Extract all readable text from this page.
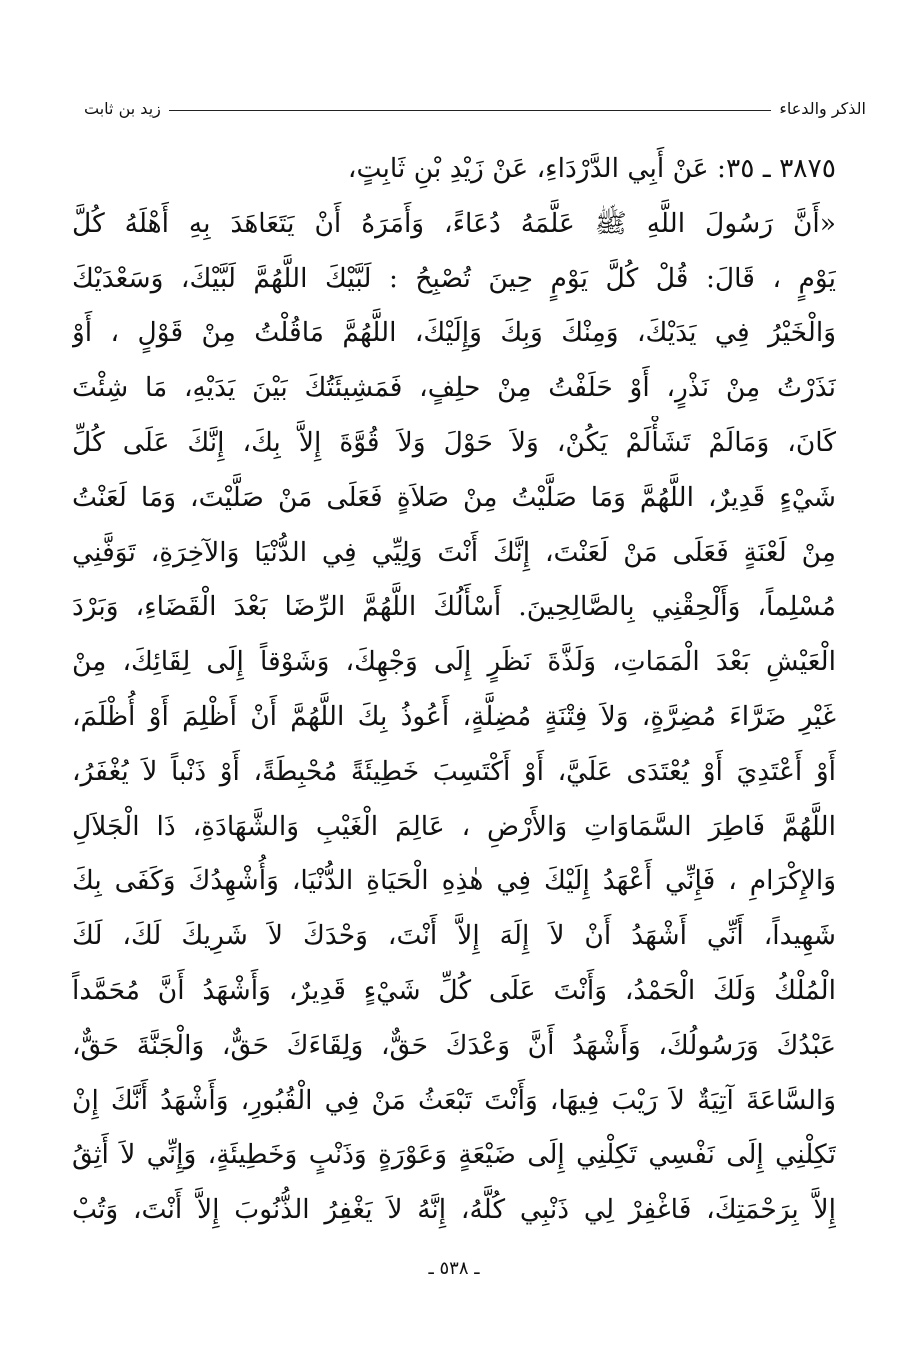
الذكر والدعاء
زيد بن ثابت
٣٨٧٥ ـ ٣٥: عَنْ أَبِي الدَّرْدَاءِ، عَنْ زَيْدِ بْنِ ثَابِتٍ،
«أَنَّ رَسُولَ اللَّهِ ﷺ عَلَّمَهُ دُعَاءً، وَأَمَرَهُ أَنْ يَتَعَاهَدَ بِهِ أَهْلَهُ كُلَّ
يَوْمٍ ، قَالَ: قُلْ كُلَّ يَوْمٍ حِينَ تُصْبِحُ : لَبَّيْكَ اللَّهُمَّ لَبَّيْكَ، وَسَعْدَيْكَ
وَالْخَيْرُ فِي يَدَيْكَ، وَمِنْكَ وَبِكَ وَإِلَيْكَ، اللَّهُمَّ مَاقُلْتُ مِنْ قَوْلٍ ، أَوْ
نَذَرْتُ مِنْ نَذْرٍ، أَوْ حَلَفْتُ مِنْ حلِفٍ، فَمَشِيئَتُكَ بَيْنَ يَدَيْهِ، مَا شِئْتَ
كَانَ، وَمَالَمْ تَشَأْلَمْ يَكُنْ، وَلاَ حَوْلَ وَلاَ قُوَّةَ إِلاَّ بِكَ، إِنَّكَ عَلَى كُلِّ
شَيْءٍ قَدِيرٌ، اللَّهُمَّ وَمَا صَلَّيْتُ مِنْ صَلاَةٍ فَعَلَى مَنْ صَلَّيْتَ، وَمَا لَعَنْتُ
مِنْ لَعْنَةٍ فَعَلَى مَنْ لَعَنْتَ، إِنَّكَ أَنْتَ وَلِيِّي فِي الدُّنْيَا وَالآخِرَةِ، تَوَفَّنِي
مُسْلِماً، وَأَلْحِقْنِي بِالصَّالِحِينَ. أَسْأَلُكَ اللَّهُمَّ الرِّضَا بَعْدَ الْقَضَاءِ، وَبَرْدَ
الْعَيْشِ بَعْدَ الْمَمَاتِ، وَلَذَّةَ نَظَرٍ إِلَى وَجْهِكَ، وَشَوْقاً إِلَى لِقَائِكَ، مِنْ
غَيْرِ ضَرَّاءَ مُضِرَّةٍ، وَلاَ فِتْنَةٍ مُضِلَّةٍ، أَعُوذُ بِكَ اللَّهُمَّ أَنْ أَظْلِمَ أَوْ أُظْلَمَ،
أَوْ أَعْتَدِيَ أَوْ يُعْتَدَى عَلَيَّ، أَوْ أَكْتَسِبَ خَطِيئَةً مُحْبِطَةً، أَوْ ذَنْباً لاَ يُغْفَرُ،
اللَّهُمَّ فَاطِرَ السَّمَاوَاتِ وَالأَرْضِ ، عَالِمَ الْغَيْبِ وَالشَّهَادَةِ، ذَا الْجَلاَلِ
وَالإِكْرَامِ ، فَإِنِّي أَعْهَدُ إِلَيْكَ فِي هٰذِهِ الْحَيَاةِ الدُّنْيَا، وَأُشْهِدُكَ وَكَفَى بِكَ
شَهِيداً، أَنِّي أَشْهَدُ أَنْ لاَ إِلَهَ إِلاَّ أَنْتَ، وَحْدَكَ لاَ شَرِيكَ لَكَ، لَكَ
الْمُلْكُ وَلَكَ الْحَمْدُ، وَأَنْتَ عَلَى كُلِّ شَيْءٍ قَدِيرٌ، وَأَشْهَدُ أَنَّ مُحَمَّداً
عَبْدُكَ وَرَسُولُكَ، وَأَشْهَدُ أَنَّ وَعْدَكَ حَقٌّ، وَلِقَاءَكَ حَقٌّ، وَالْجَنَّةَ حَقٌّ،
وَالسَّاعَةَ آتِيَةٌ لاَ رَيْبَ فِيهَا، وَأَنْتَ تَبْعَثُ مَنْ فِي الْقُبُورِ، وَأَشْهَدُ أَنَّكَ إِنْ
تَكِلْنِي إِلَى نَفْسِي تَكِلْنِي إِلَى ضَيْعَةٍ وَعَوْرَةٍ وَذَنْبٍ وَخَطِيئَةٍ، وَإِنِّي لاَ أَثِقُ
إِلاَّ بِرَحْمَتِكَ، فَاغْفِرْ لِي ذَنْبِي كُلَّهُ، إِنَّهُ لاَ يَغْفِرُ الذُّنُوبَ إِلاَّ أَنْتَ، وَتُبْ
ـ ٥٣٨ ـ
